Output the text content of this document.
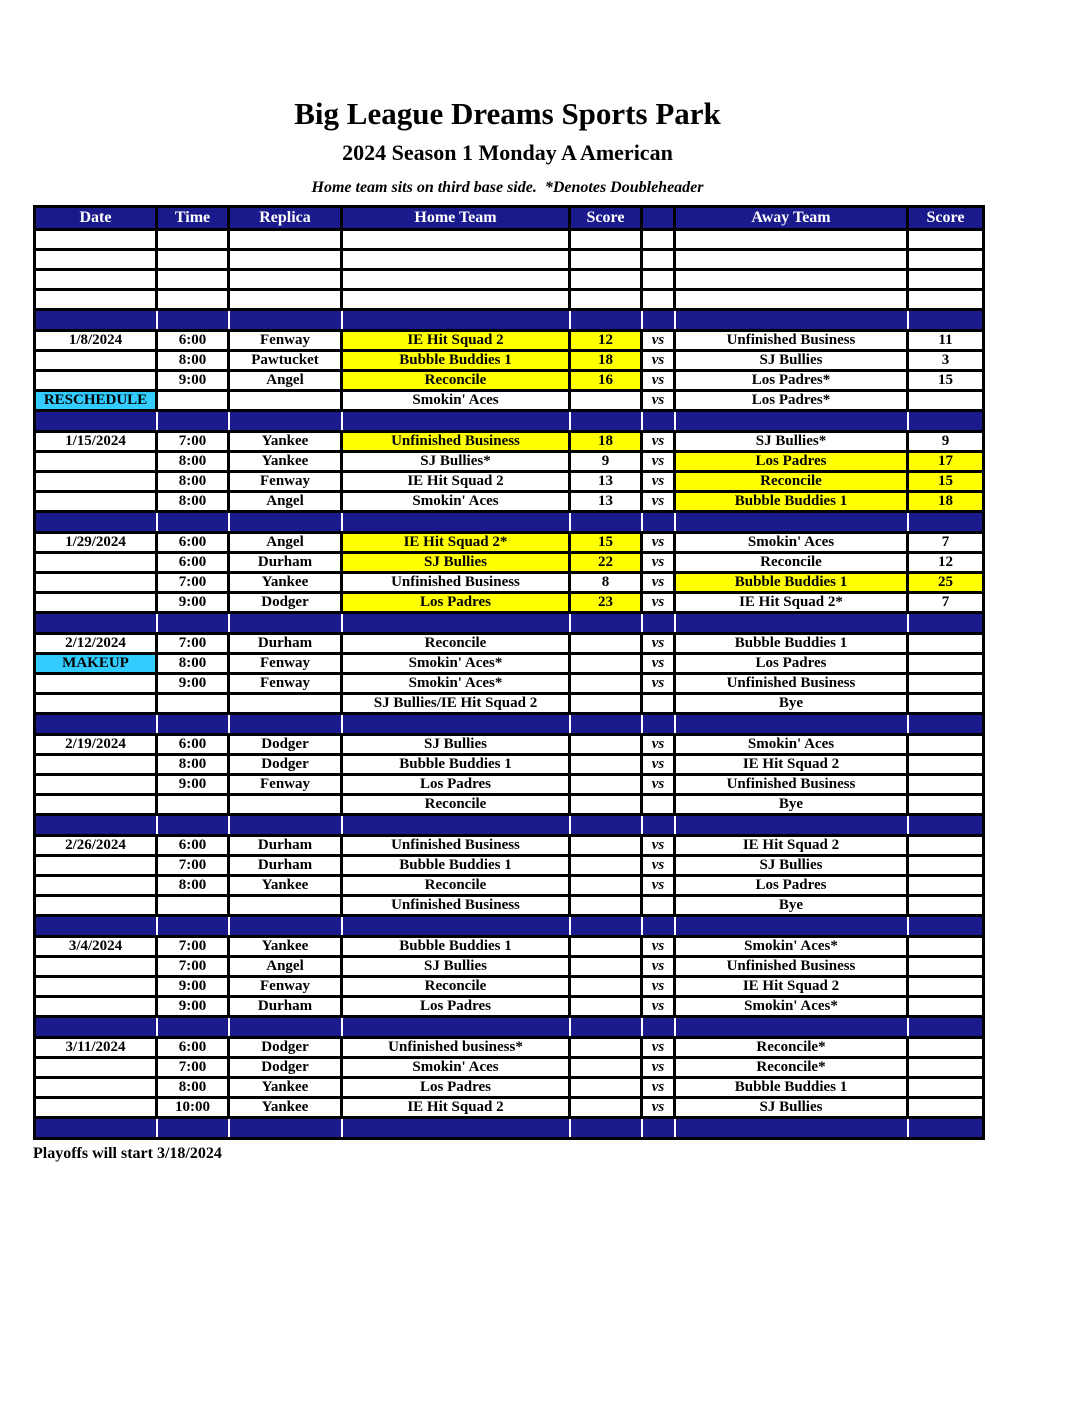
Big League Dreams Sports Park
2024 Season 1 Monday A American
Home team sits on third base side.  *Denotes Doubleheader
Date	Time	Replica	Home Team	Score		Away Team	Score

1/8/2024	6:00	Fenway	IE Hit Squad 2	12	vs	Unfinished Business	11
	8:00	Pawtucket	Bubble Buddies 1	18	vs	SJ Bullies	3
	9:00	Angel	Reconcile	16	vs	Los Padres*	15
RESCHEDULE			Smokin' Aces		vs	Los Padres*	

1/15/2024	7:00	Yankee	Unfinished Business	18	vs	SJ Bullies*	9
	8:00	Yankee	SJ Bullies*	9	vs	Los Padres	17
	8:00	Fenway	IE Hit Squad 2	13	vs	Reconcile	15
	8:00	Angel	Smokin' Aces	13	vs	Bubble Buddies 1	18

1/29/2024	6:00	Angel	IE Hit Squad 2*	15	vs	Smokin' Aces	7
	6:00	Durham	SJ Bullies	22	vs	Reconcile	12
	7:00	Yankee	Unfinished Business	8	vs	Bubble Buddies 1	25
	9:00	Dodger	Los Padres	23	vs	IE Hit Squad 2*	7

2/12/2024	7:00	Durham	Reconcile		vs	Bubble Buddies 1	
MAKEUP	8:00	Fenway	Smokin' Aces*		vs	Los Padres	
	9:00	Fenway	Smokin' Aces*		vs	Unfinished Business	
			SJ Bullies/IE Hit Squad 2			Bye	

2/19/2024	6:00	Dodger	SJ Bullies		vs	Smokin' Aces	
	8:00	Dodger	Bubble Buddies 1		vs	IE Hit Squad 2	
	9:00	Fenway	Los Padres		vs	Unfinished Business	
			Reconcile			Bye	

2/26/2024	6:00	Durham	Unfinished Business		vs	IE Hit Squad 2	
	7:00	Durham	Bubble Buddies 1		vs	SJ Bullies	
	8:00	Yankee	Reconcile		vs	Los Padres	
			Unfinished Business			Bye	

3/4/2024	7:00	Yankee	Bubble Buddies 1		vs	Smokin' Aces*	
	7:00	Angel	SJ Bullies		vs	Unfinished Business	
	9:00	Fenway	Reconcile		vs	IE Hit Squad 2	
	9:00	Durham	Los Padres		vs	Smokin' Aces*	

3/11/2024	6:00	Dodger	Unfinished business*		vs	Reconcile*	
	7:00	Dodger	Smokin' Aces		vs	Reconcile*	
	8:00	Yankee	Los Padres		vs	Bubble Buddies 1	
	10:00	Yankee	IE Hit Squad 2		vs	SJ Bullies	

Playoffs will start 3/18/2024
